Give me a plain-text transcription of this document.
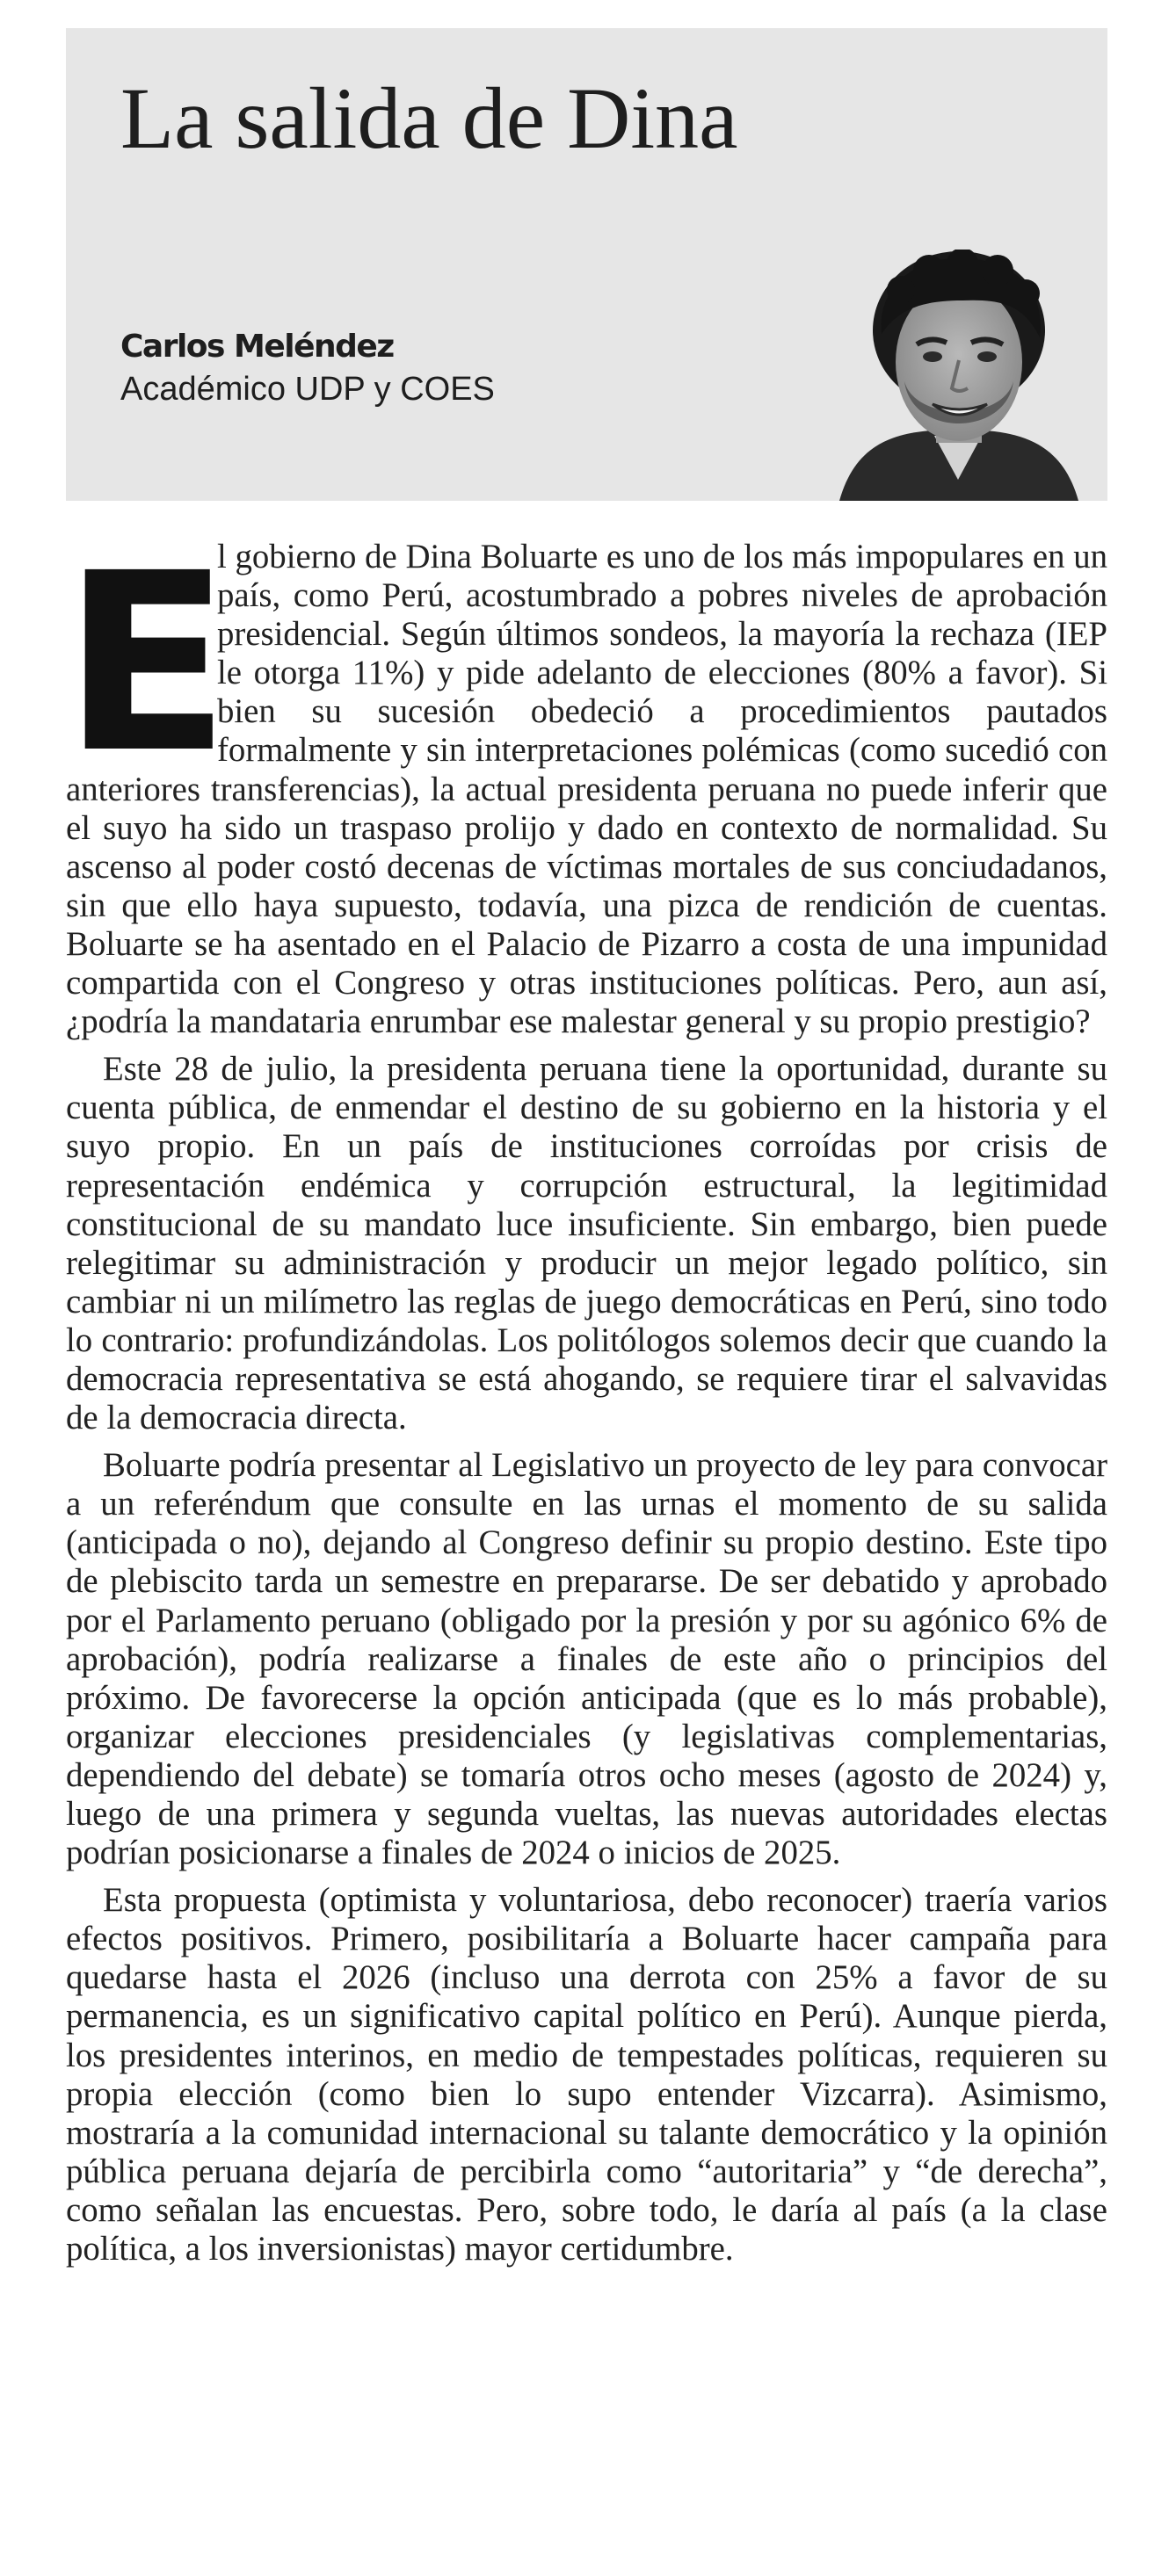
La salida de Dina
Carlos Meléndez
Académico UDP y COES

E
l gobierno de Dina Boluarte es uno de los más impopulares en un país, como Perú, acostumbrado a pobres niveles de aprobación presidencial. Según últimos sondeos, la mayoría la rechaza (IEP le otorga 11%) y pide adelanto de elecciones (80% a favor). Si bien su sucesión obedeció a procedimientos pautados formalmente y sin interpretaciones polémicas (como sucedió con anteriores transferencias), la actual presidenta peruana no puede inferir que el suyo ha sido un traspaso prolijo y dado en contexto de normalidad. Su ascenso al poder costó decenas de víctimas mortales de sus conciudadanos, sin que ello haya supuesto, todavía, una pizca de rendición de cuentas. Boluarte se ha asentado en el Palacio de Pizarro a costa de una impunidad compartida con el Congreso y otras instituciones políticas. Pero, aun así, ¿podría la mandataria enrumbar ese malestar general y su propio prestigio?

Este 28 de julio, la presidenta peruana tiene la oportunidad, durante su cuenta pública, de enmendar el destino de su gobierno en la historia y el suyo propio. En un país de instituciones corroídas por crisis de representación endémica y corrupción estructural, la legitimidad constitucional de su mandato luce insuficiente. Sin embargo, bien puede relegitimar su administración y producir un mejor legado político, sin cambiar ni un milímetro las reglas de juego democráticas en Perú, sino todo lo contrario: profundizándolas. Los politólogos solemos decir que cuando la democracia representativa se está ahogando, se requiere tirar el salvavidas de la democracia directa.

Boluarte podría presentar al Legislativo un proyecto de ley para convocar a un referéndum que consulte en las urnas el momento de su salida (anticipada o no), dejando al Congreso definir su propio destino. Este tipo de plebiscito tarda un semestre en prepararse. De ser debatido y aprobado por el Parlamento peruano (obligado por la presión y por su agónico 6% de aprobación), podría realizarse a finales de este año o principios del próximo. De favorecerse la opción anticipada (que es lo más probable), organizar elecciones presidenciales (y legislativas complementarias, dependiendo del debate) se tomaría otros ocho meses (agosto de 2024) y, luego de una primera y segunda vueltas, las nuevas autoridades electas podrían posicionarse a finales de 2024 o inicios de 2025.

Esta propuesta (optimista y voluntariosa, debo reconocer) traería varios efectos positivos. Primero, posibilitaría a Boluarte hacer campaña para quedarse hasta el 2026 (incluso una derrota con 25% a favor de su permanencia, es un significativo capital político en Perú). Aunque pierda, los presidentes interinos, en medio de tempestades políticas, requieren su propia elección (como bien lo supo entender Vizcarra). Asimismo, mostraría a la comunidad internacional su talante democrático y la opinión pública peruana dejaría de percibirla como “autoritaria” y “de derecha”, como señalan las encuestas. Pero, sobre todo, le daría al país (a la clase política, a los inversionistas) mayor certidumbre.
